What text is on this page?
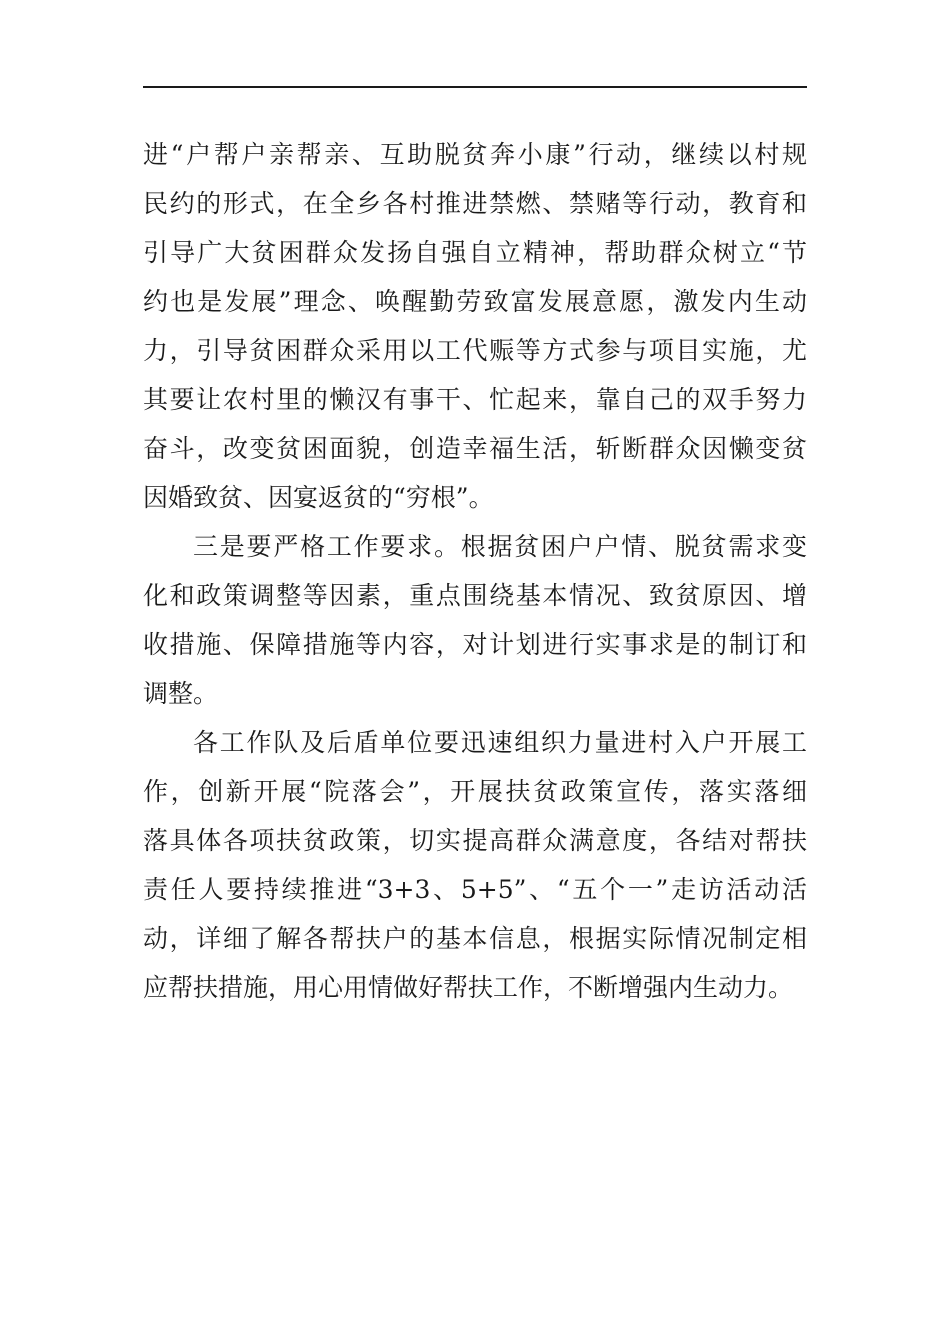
进“户帮户亲帮亲、互助脱贫奔小康”行动，继续以村规
民约的形式，在全乡各村推进禁燃、禁赌等行动，教育和
引导广大贫困群众发扬自强自立精神，帮助群众树立“节
约也是发展”理念、唤醒勤劳致富发展意愿，激发内生动
力，引导贫困群众采用以工代赈等方式参与项目实施，尤
其要让农村里的懒汉有事干、忙起来，靠自己的双手努力
奋斗，改变贫困面貌，创造幸福生活，斩断群众因懒变贫
因婚致贫、因宴返贫的“穷根”。
三是要严格工作要求。根据贫困户户情、脱贫需求变
化和政策调整等因素，重点围绕基本情况、致贫原因、增
收措施、保障措施等内容，对计划进行实事求是的制订和
调整。
各工作队及后盾单位要迅速组织力量进村入户开展工
作，创新开展“院落会”，开展扶贫政策宣传，落实落细
落具体各项扶贫政策，切实提高群众满意度，各结对帮扶
责任人要持续推进“3+3、5+5”、“五个一”走访活动活
动，详细了解各帮扶户的基本信息，根据实际情况制定相
应帮扶措施，用心用情做好帮扶工作，不断增强内生动力。
